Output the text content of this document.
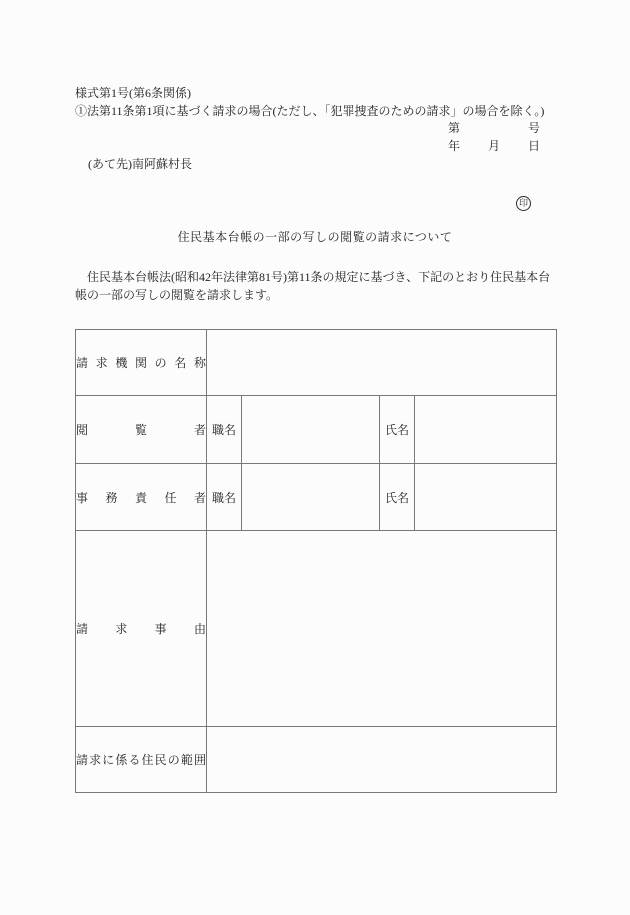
様式第1号(第6条関係)
①法第11条第1項に基づく請求の場合(ただし、「犯罪捜査のための請求」の場合を除く。)
第	号
年 月 日
(あて先)南阿蘇村長
印
住民基本台帳の一部の写しの閲覧の請求について
　住民基本台帳法(昭和42年法律第81号)第11条の規定に基づき、下記のとおり住民基本台
帳の一部の写しの閲覧を請求します。
請 求 機 関 の 名 称

閲 覧 者	職名		氏名	

事 務 責 任 者	職名		氏名	

請 求 事 由				

請 求 に 係 る 住 民 の 範 囲
